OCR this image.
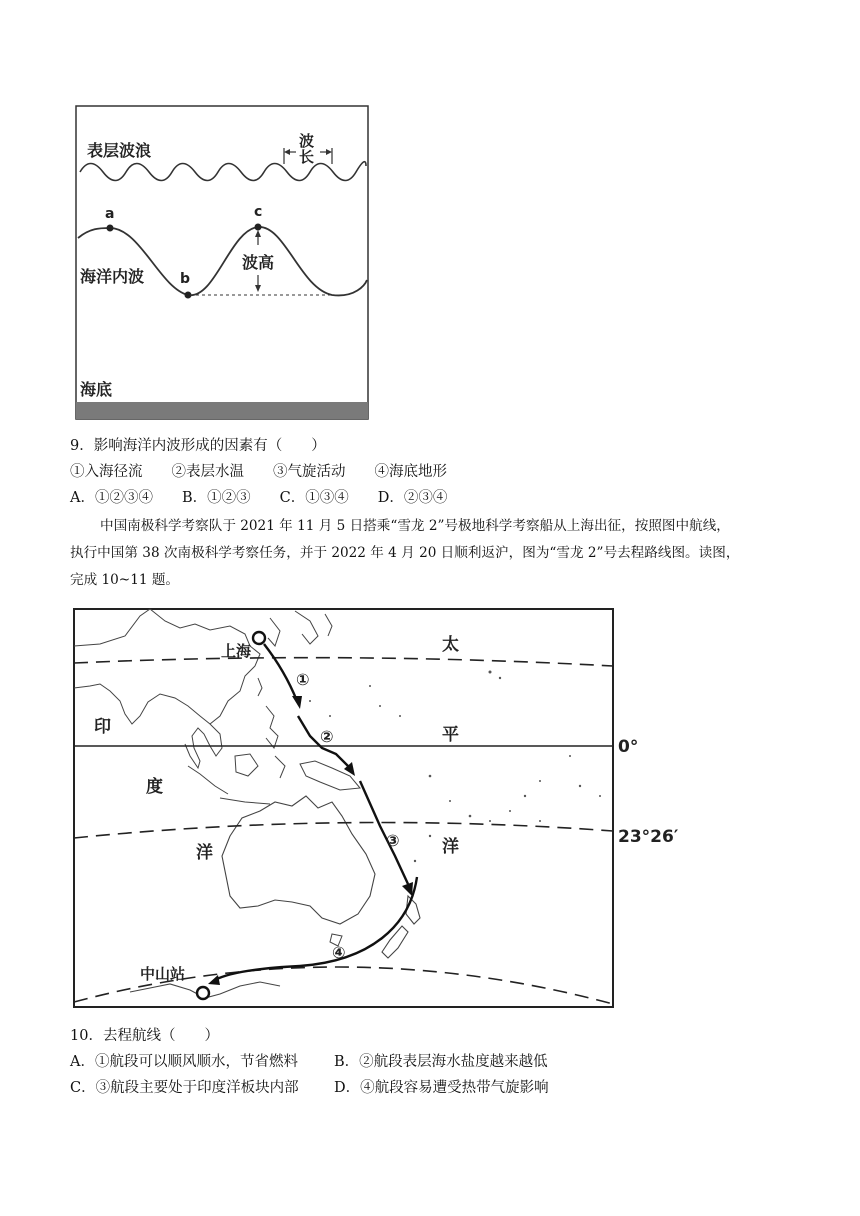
表层波浪	波
长
a
b
c
波高
海洋内波
海底
9．影响海洋内波形成的因素有（　　）
①入海径流　　②表层水温　　③气旋活动　　④海底地形
A．①②③④　　B．①②③　　C．①③④　　D．②③④
中国南极科学考察队于 2021 年 11 月 5 日搭乘“雪龙 2”号极地科学考察船从上海出征，按照图中航线，
执行中国第 38 次南极科学考察任务，并于 2022 年 4 月 20 日顺利返沪，图为“雪龙 2”号去程路线图。读图，
完成 10~11 题。
上海	太
平
洋
印
度
洋
0°
23°26′
中山站
①
②
③
④
10．去程航线（　　）
A．①航段可以顺风顺水，节省燃料 B．②航段表层海水盐度越来越低
C．③航段主要处于印度洋板块内部 D．④航段容易遭受热带气旋影响
